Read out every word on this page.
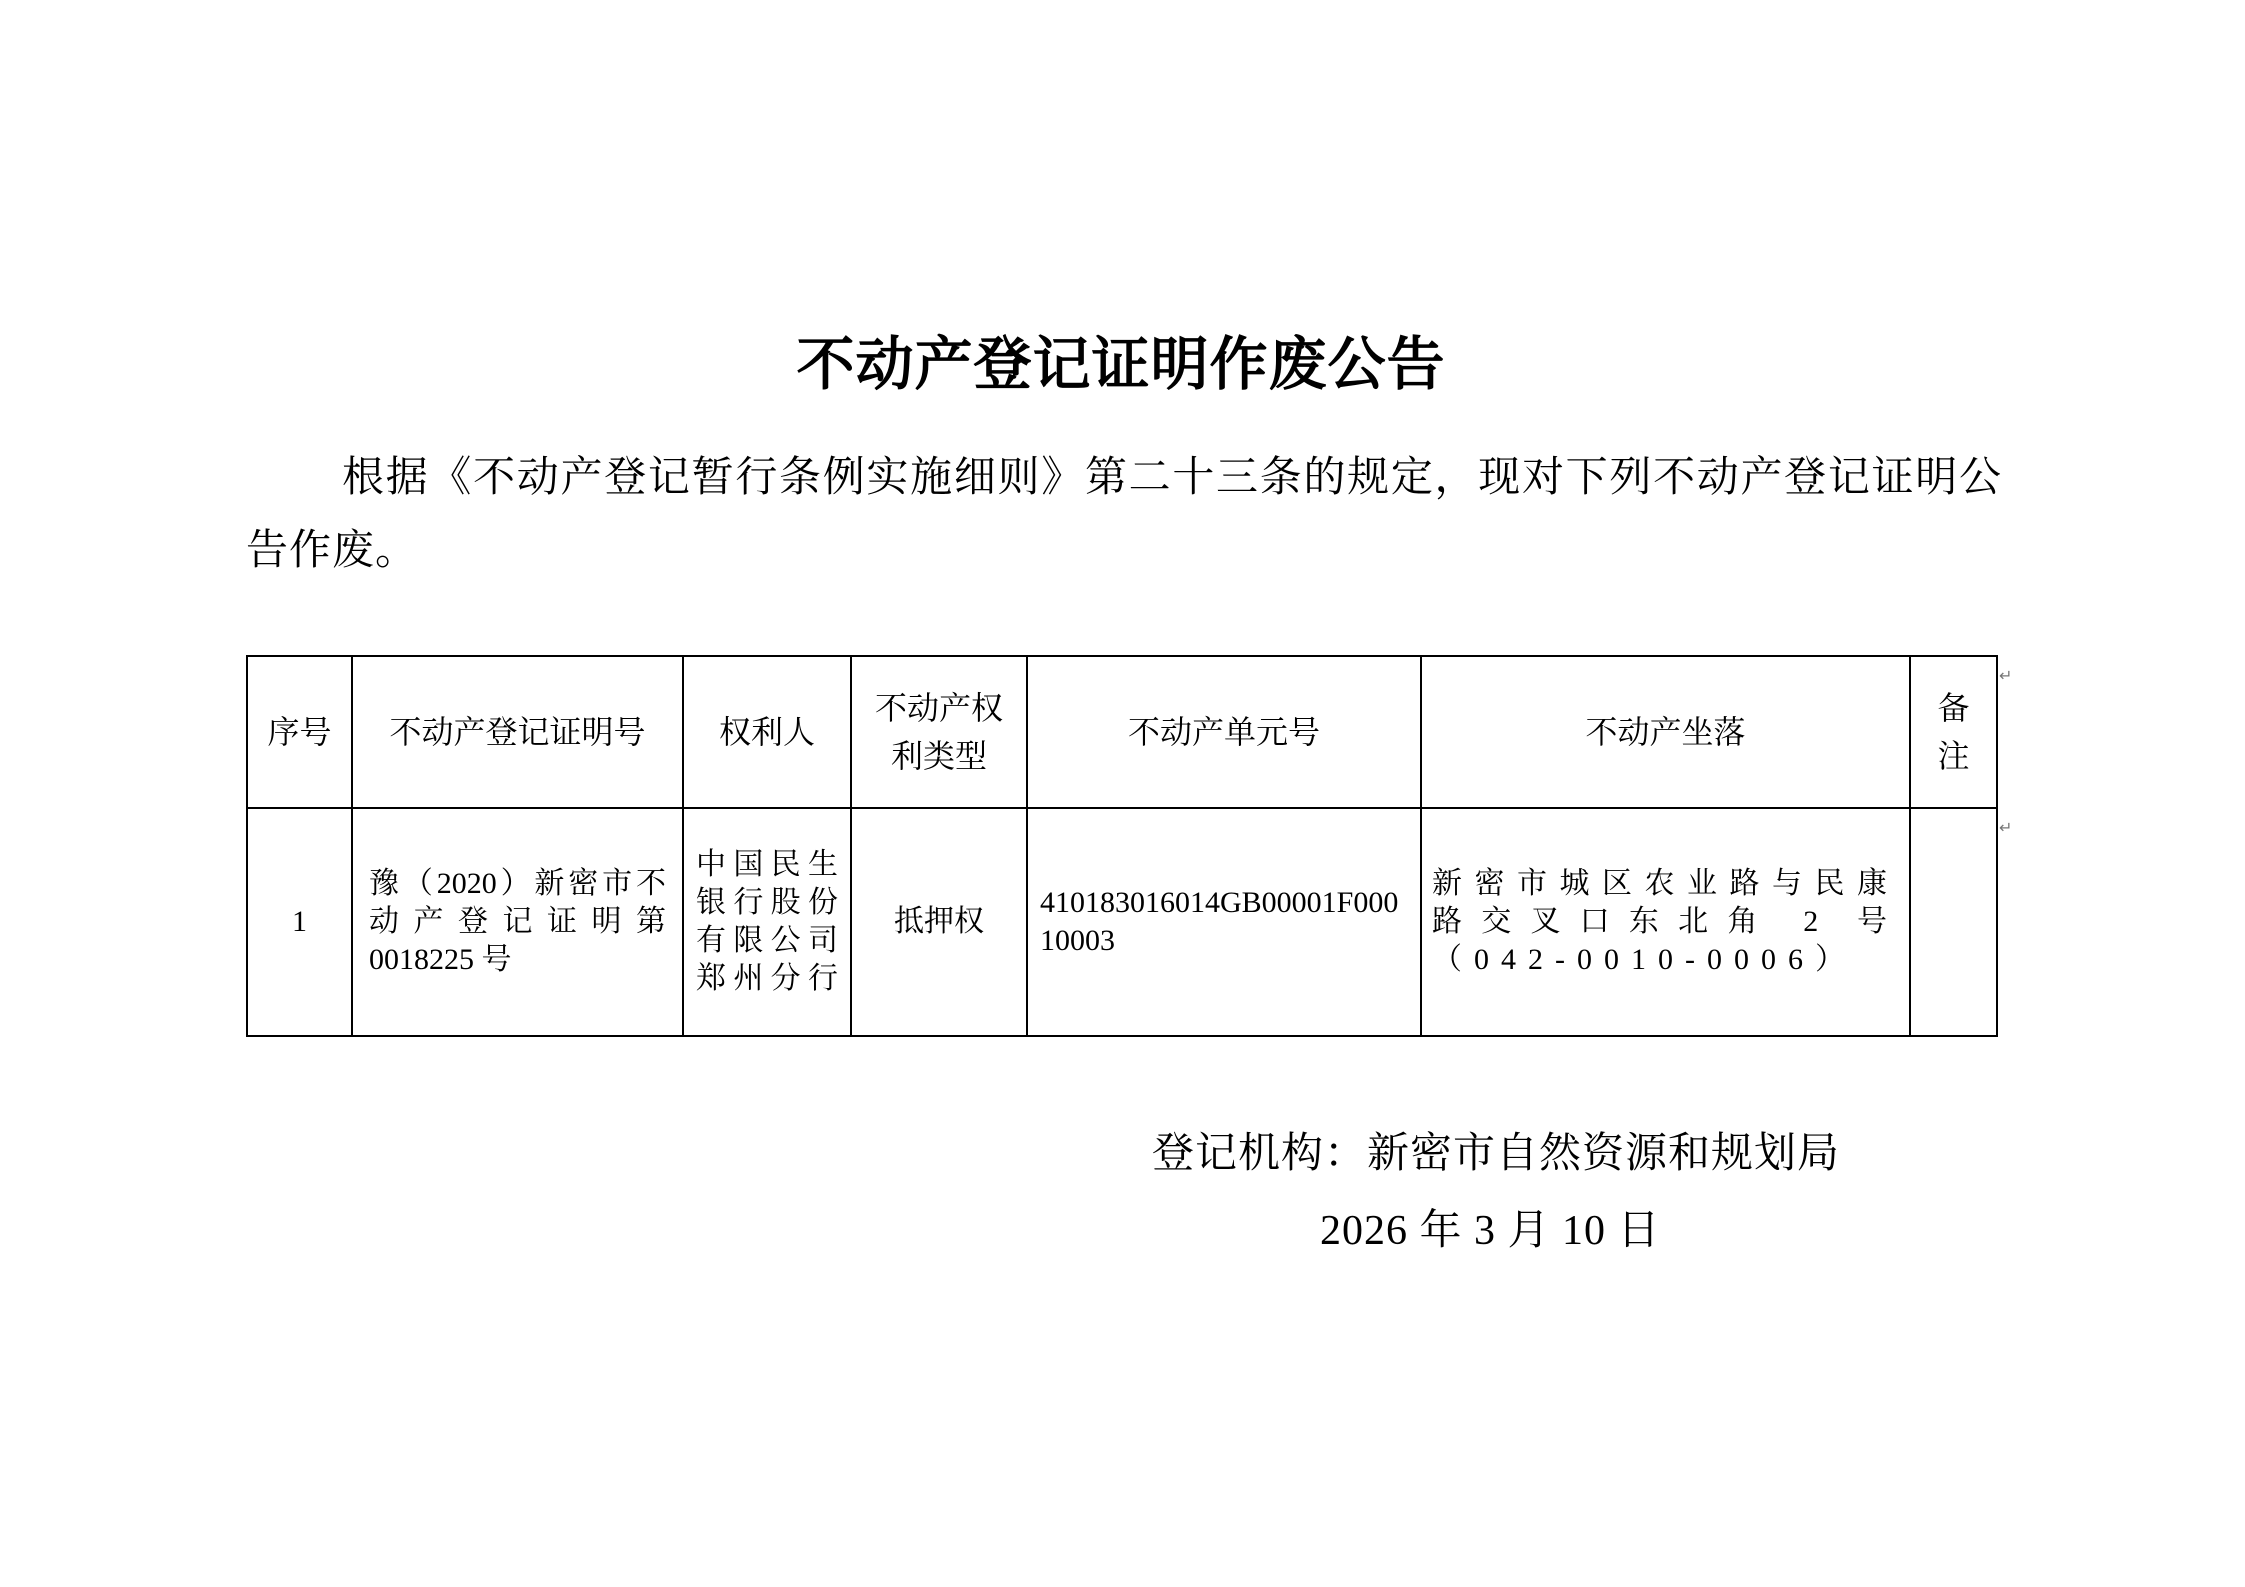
不动产登记证明作废公告

根据《不动产登记暂行条例实施细则》第二十三条的规定，现对下列不动产登记证明公告作废。

序号	不动产登记证明号	权利人	不动产权利类型	不动产单元号	不动产坐落	备注
1	豫（2020）新密市不动产登记证明第0018225 号	中国民生银行股份有限公司郑州分行	抵押权	410183016014GB00001F00010003	新密市城区农业路与民康路交叉口东北角 2 号（042-0010-0006）	
↵
↵
登记机构：新密市自然资源和规划局
2026 年 3 月 10 日
